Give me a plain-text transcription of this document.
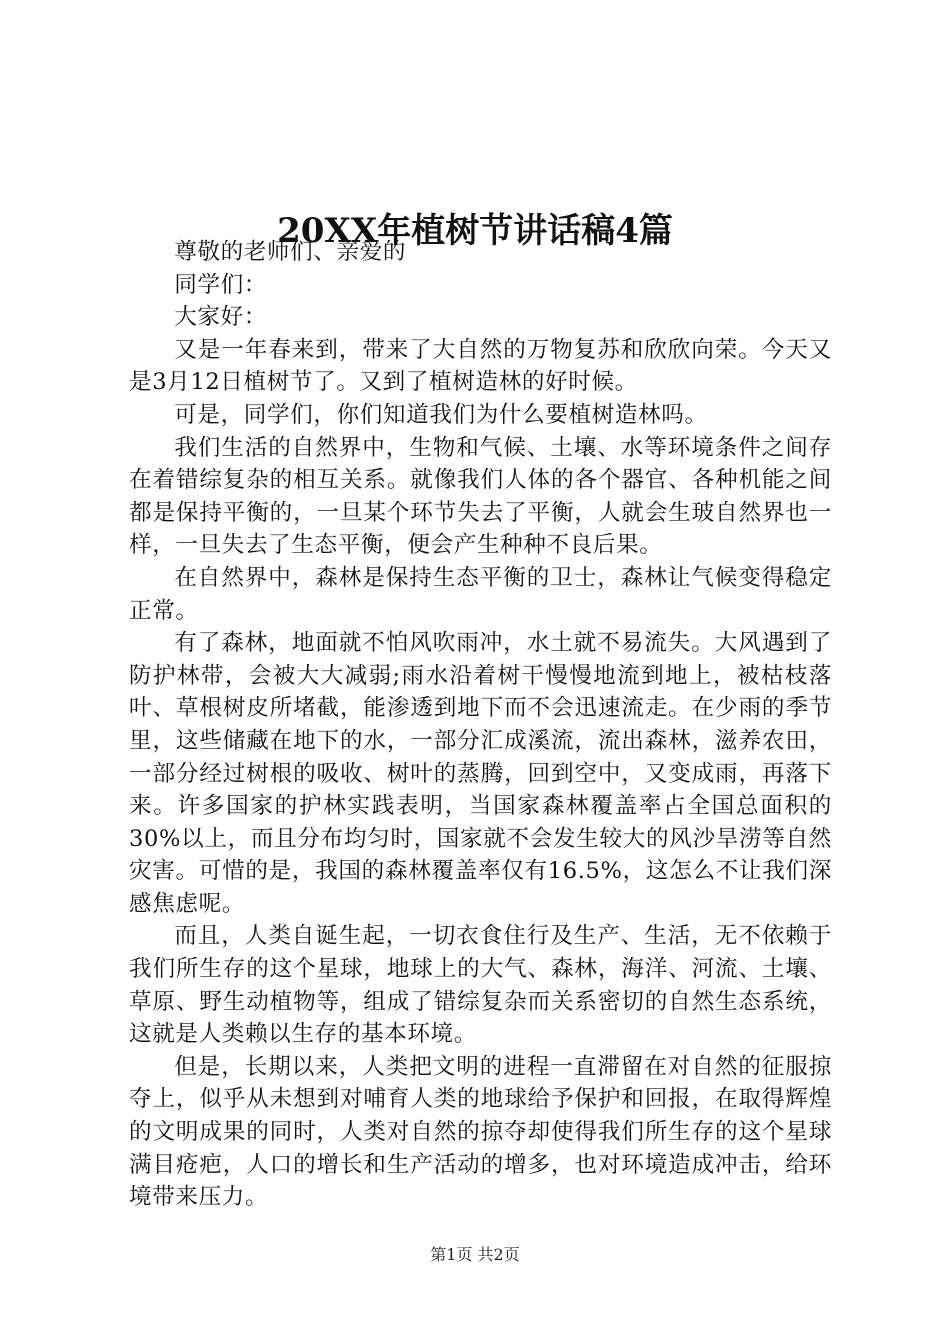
20XX年植树节讲话稿4篇

尊敬的老师们、亲爱的

同学们：

大家好：

又是一年春来到，带来了大自然的万物复苏和欣欣向荣。今天又是3月12日植树节了。又到了植树造林的好时候。

可是，同学们，你们知道我们为什么要植树造林吗。

我们生活的自然界中，生物和气候、土壤、水等环境条件之间存在着错综复杂的相互关系。就像我们人体的各个器官、各种机能之间都是保持平衡的，一旦某个环节失去了平衡，人就会生玻自然界也一样，一旦失去了生态平衡，便会产生种种不良后果。

在自然界中，森林是保持生态平衡的卫士，森林让气候变得稳定正常。

有了森林，地面就不怕风吹雨冲，水土就不易流失。大风遇到了防护林带，会被大大减弱;雨水沿着树干慢慢地流到地上，被枯枝落叶、草根树皮所堵截，能渗透到地下而不会迅速流走。在少雨的季节里，这些储藏在地下的水，一部分汇成溪流，流出森林，滋养农田，一部分经过树根的吸收、树叶的蒸腾，回到空中，又变成雨，再落下来。许多国家的护林实践表明，当国家森林覆盖率占全国总面积的30%以上，而且分布均匀时，国家就不会发生较大的风沙旱涝等自然灾害。可惜的是，我国的森林覆盖率仅有16.5%，这怎么不让我们深感焦虑呢。

而且，人类自诞生起，一切衣食住行及生产、生活，无不依赖于我们所生存的这个星球，地球上的大气、森林，海洋、河流、土壤、草原、野生动植物等，组成了错综复杂而关系密切的自然生态系统，这就是人类赖以生存的基本环境。

但是，长期以来，人类把文明的进程一直滞留在对自然的征服掠夺上，似乎从未想到对哺育人类的地球给予保护和回报，在取得辉煌的文明成果的同时，人类对自然的掠夺却使得我们所生存的这个星球满目疮疤，人口的增长和生产活动的增多，也对环境造成冲击，给环境带来压力。

第1页 共2页
